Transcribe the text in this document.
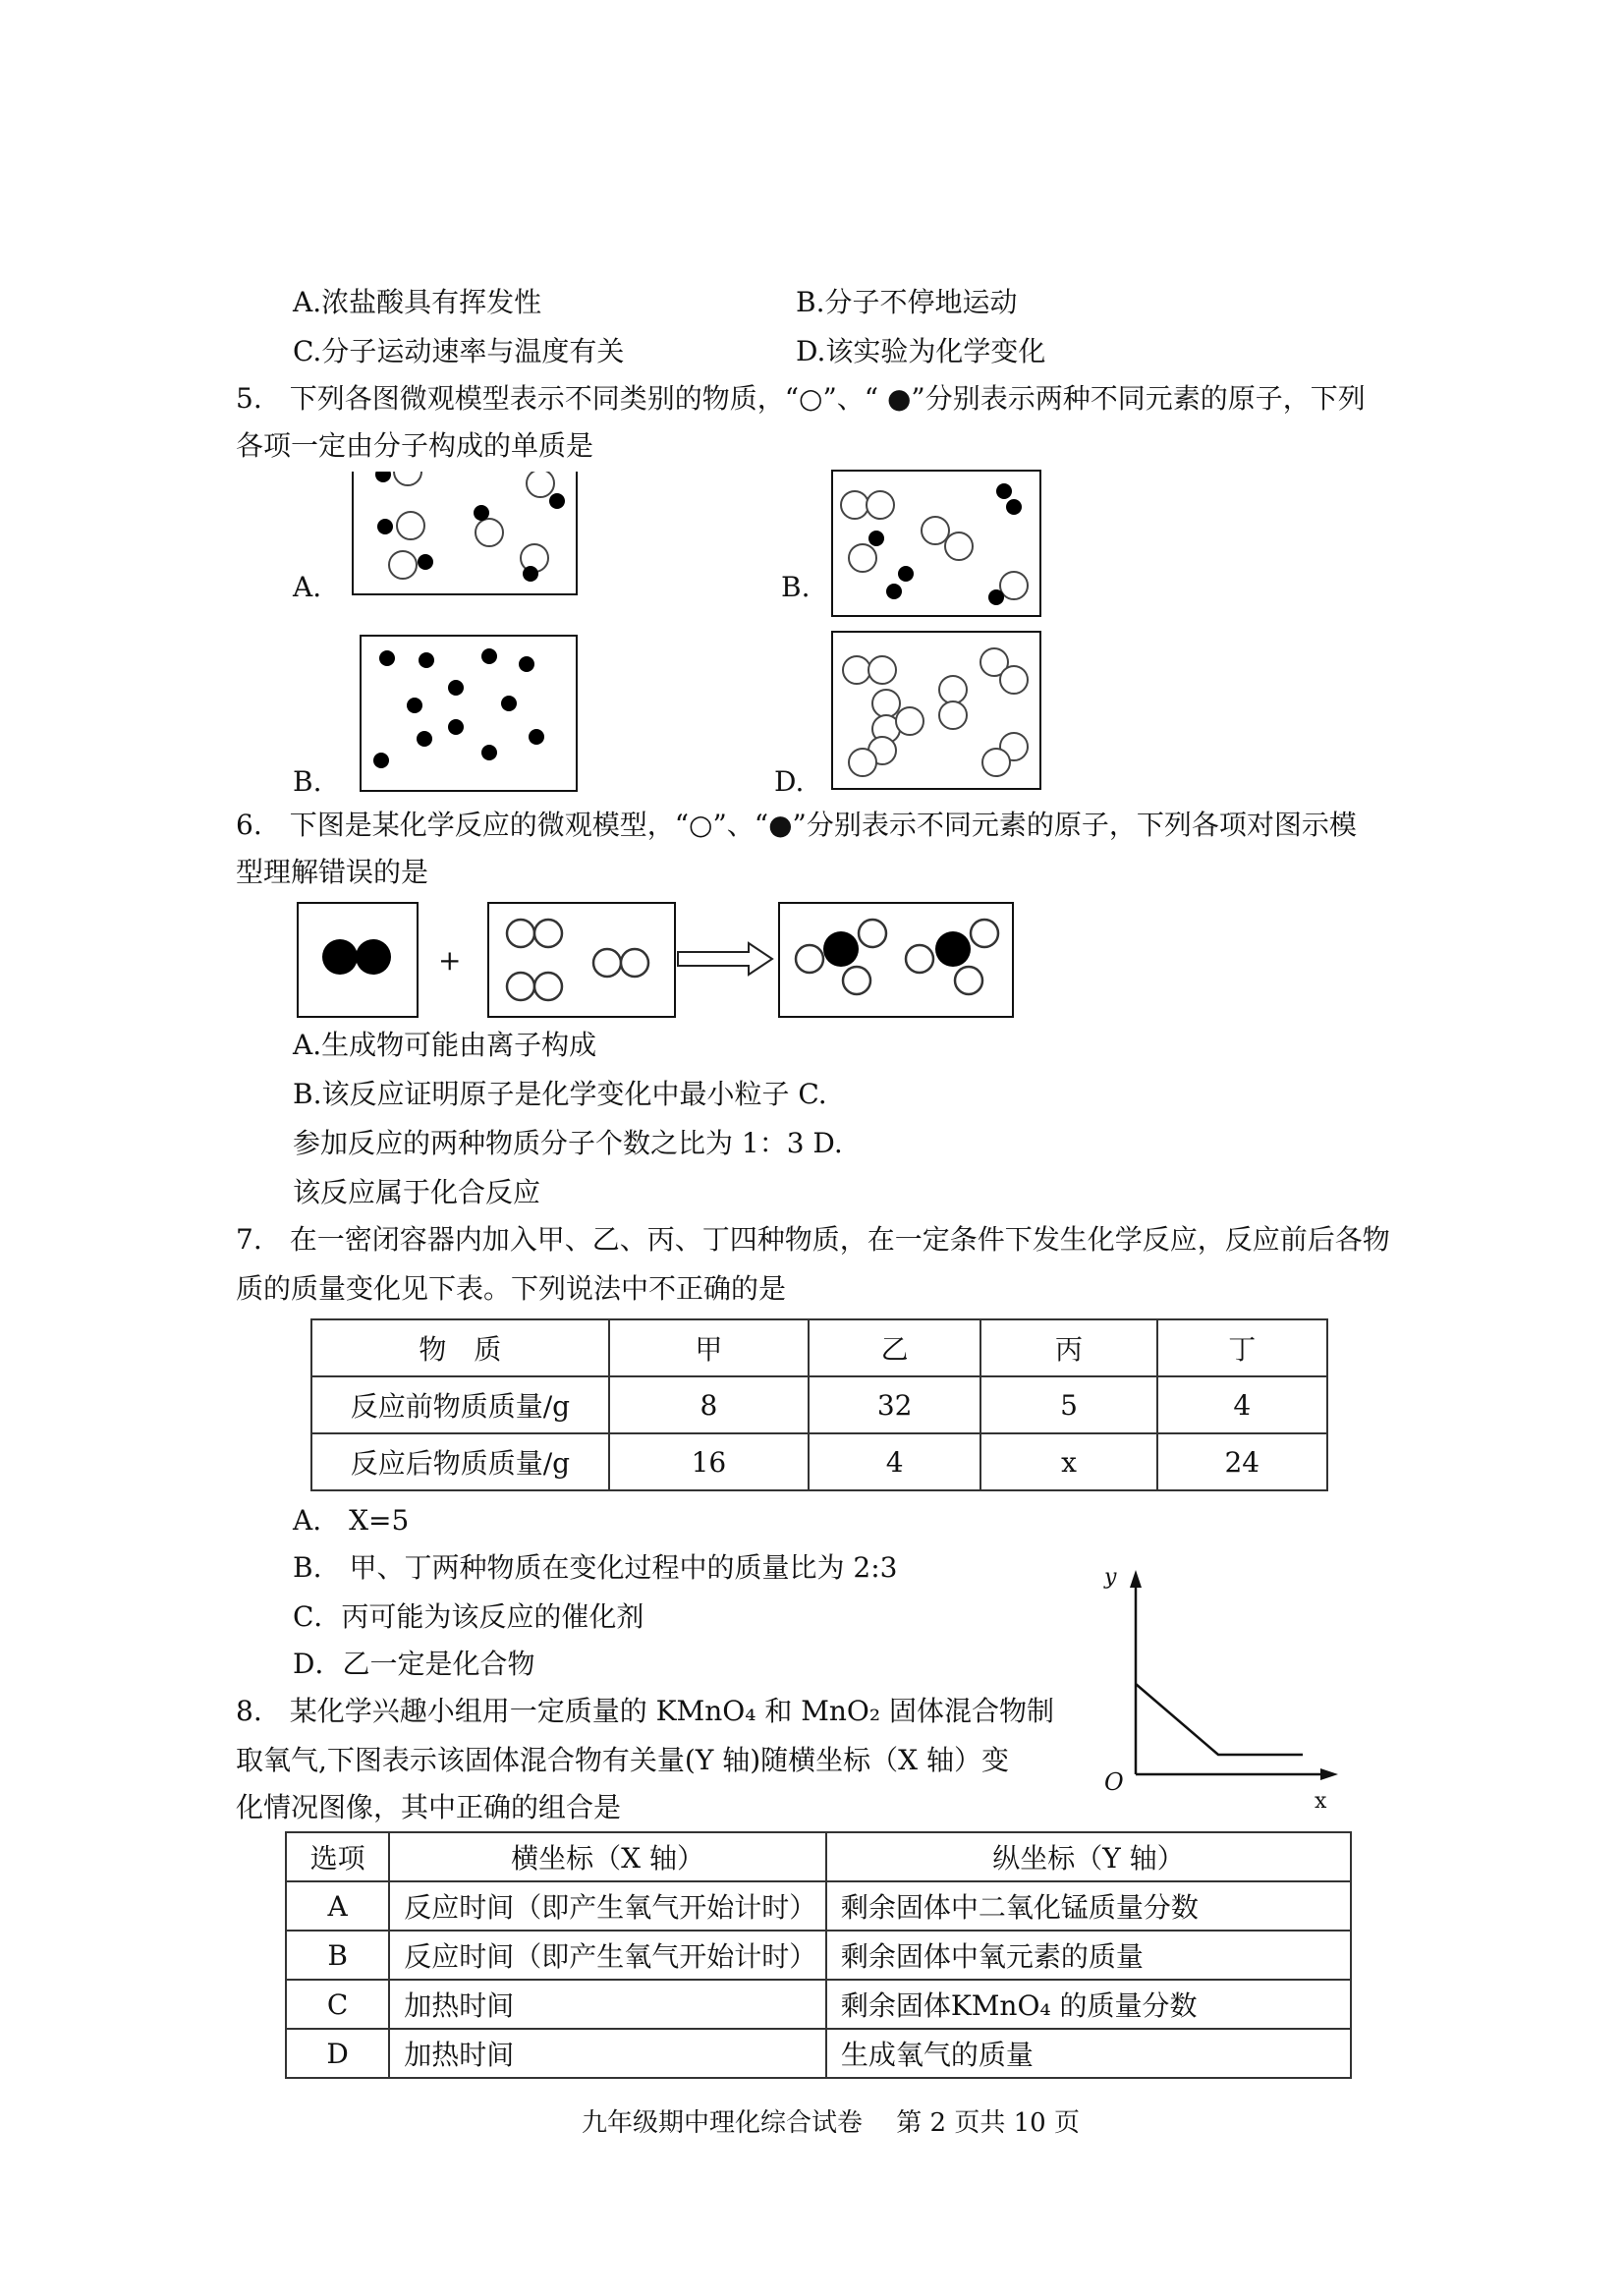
A.浓盐酸具有挥发性	B.分子不停地运动
C.分子运动速率与温度有关	D.该实验为化学变化
5.　下列各图微观模型表示不同类别的物质，“○”、“ ●”分别表示两种不同元素的原子，下列
各项一定由分子构成的单质是
A.	B.
B.	D.
6.　下图是某化学反应的微观模型，“○”、“●”分别表示不同元素的原子，下列各项对图示模
型理解错误的是
+
A.生成物可能由离子构成
B.该反应证明原子是化学变化中最小粒子 C.
参加反应的两种物质分子个数之比为 1：3 D.
该反应属于化合反应
7.　在一密闭容器内加入甲、乙、丙、丁四种物质，在一定条件下发生化学反应，反应前后各物
质的质量变化见下表。下列说法中不正确的是
物　质	甲	乙	丙	丁
反应前物质质量/g	8	32	5	4
反应后物质质量/g	16	4	x	24
A.　X=5
B.　甲、丁两种物质在变化过程中的质量比为 2:3
C．丙可能为该反应的催化剂
D．乙一定是化合物
8.　某化学兴趣小组用一定质量的 KMnO₄ 和 MnO₂ 固体混合物制
取氧气,下图表示该固体混合物有关量(Y 轴)随横坐标（X 轴）变
化情况图像，其中正确的组合是
y
x
O
选项	横坐标（X 轴）	纵坐标（Y 轴）
A	反应时间（即产生氧气开始计时）	剩余固体中二氧化锰质量分数
B	反应时间（即产生氧气开始计时）	剩余固体中氧元素的质量
C	加热时间	剩余固体KMnO₄ 的质量分数
D	加热时间	生成氧气的质量
九年级期中理化综合试卷　 第 2 页共 10 页
